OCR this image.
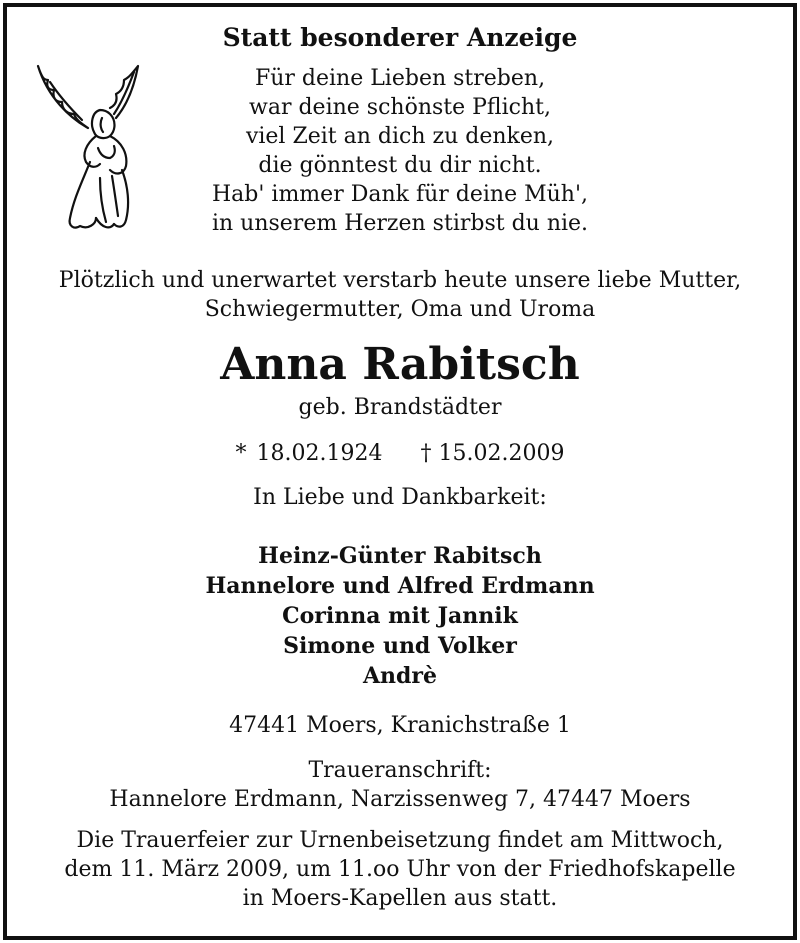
Statt besonderer Anzeige
Für deine Lieben streben,
war deine schönste Pflicht,
viel Zeit an dich zu denken,
die gönntest du dir nicht.
Hab' immer Dank für deine Müh',
in unserem Herzen stirbst du nie.
Plötzlich und unerwartet verstarb heute unsere liebe Mutter,
Schwiegermutter, Oma und Uroma
Anna Rabitsch
geb. Brandstädter
* 18.02.1924 † 15.02.2009
In Liebe und Dankbarkeit:
Heinz-Günter Rabitsch
Hannelore und Alfred Erdmann
Corinna mit Jannik
Simone und Volker
Andrè
47441 Moers, Kranichstraße 1
Traueranschrift:
Hannelore Erdmann, Narzissenweg 7, 47447 Moers
Die Trauerfeier zur Urnenbeisetzung findet am Mittwoch,
dem 11. März 2009, um 11.oo Uhr von der Friedhofskapelle
in Moers-Kapellen aus statt.
